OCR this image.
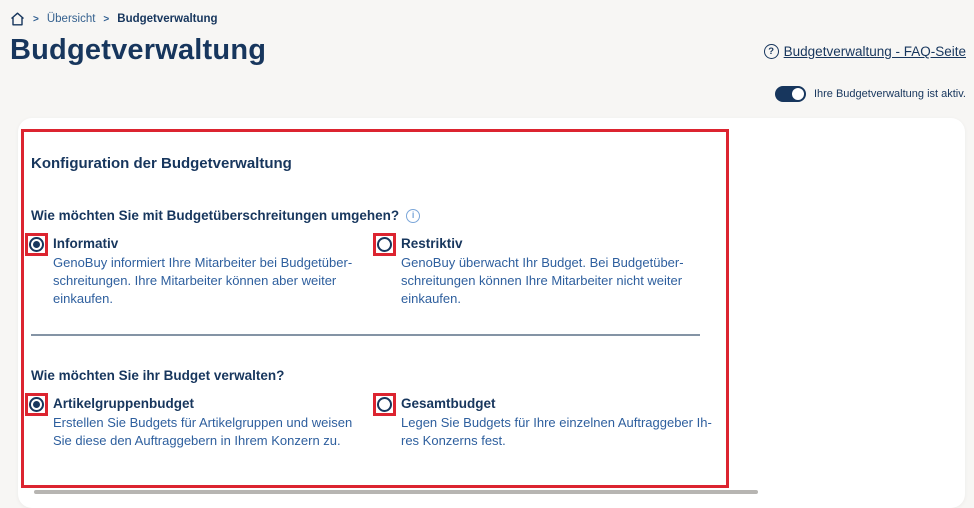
> Übersicht > Budgetverwaltung
Budgetverwaltung	? Budgetverwaltung - FAQ-Seite
Ihre Budgetverwaltung ist aktiv.
Konfiguration der Budgetverwaltung
Wie möchten Sie mit Budgetüberschreitungen umgehen?	i
Informativ
GenoBuy informiert Ihre Mitarbeiter bei Budgetüber-
schreitungen. Ihre Mitarbeiter können aber weiter
einkaufen.
Restriktiv
GenoBuy überwacht Ihr Budget. Bei Budgetüber-
schreitungen können Ihre Mitarbeiter nicht weiter
einkaufen.
Wie möchten Sie ihr Budget verwalten?
Artikelgruppenbudget
Erstellen Sie Budgets für Artikelgruppen und weisen
Sie diese den Auftraggebern in Ihrem Konzern zu.
Gesamtbudget
Legen Sie Budgets für Ihre einzelnen Auftraggeber Ih-
res Konzerns fest.
